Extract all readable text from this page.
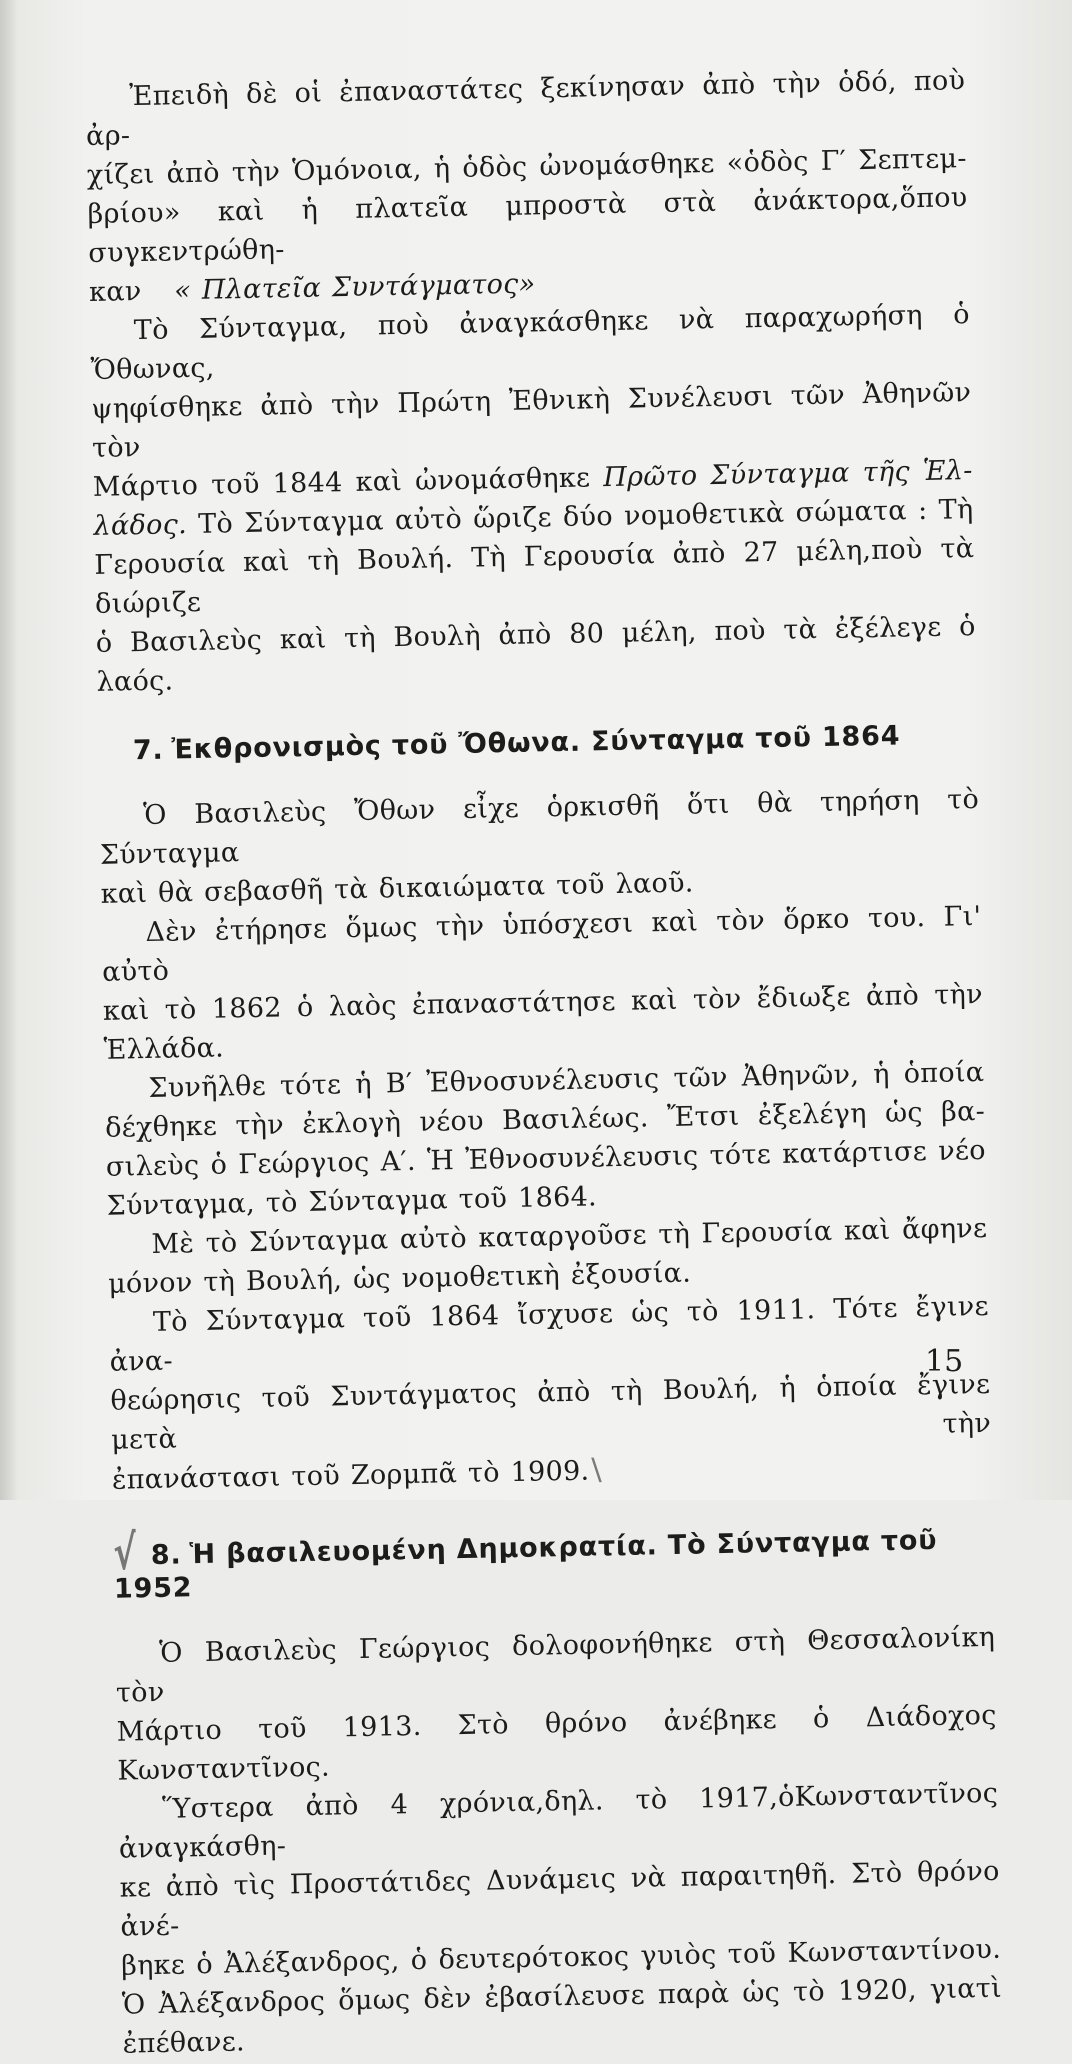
Ἐπειδὴ δὲ οἱ ἐπαναστάτες ξεκίνησαν ἀπὸ τὴν ὁδό, ποὺ ἀρ-
χίζει ἀπὸ τὴν Ὁμόνοια, ἡ ὁδὸς ὠνομάσθηκε «ὁδὸς Γ′ Σεπτεμ-
βρίου» καὶ ἡ πλατεῖα μπροστὰ στὰ ἀνάκτορα,ὅπου συγκεντρώθη-
καν « Πλατεῖα Συντάγματος»

Τὸ Σύνταγμα, ποὺ ἀναγκάσθηκε νὰ παραχωρήση ὁ Ὄθωνας,
ψηφίσθηκε ἀπὸ τὴν Πρώτη Ἐθνικὴ Συνέλευσι τῶν Ἀθηνῶν τὸν
Μάρτιο τοῦ 1844 καὶ ὠνομάσθηκε Πρῶτο Σύνταγμα τῆς Ἑλ-
λάδος. Τὸ Σύνταγμα αὐτὸ ὥριζε δύο νομοθετικὰ σώματα : Τὴ
Γερουσία καὶ τὴ Βουλή. Τὴ Γερουσία ἀπὸ 27 μέλη,ποὺ τὰ διώριζε
ὁ Βασιλεὺς καὶ τὴ Βουλὴ ἀπὸ 80 μέλη, ποὺ τὰ ἐξέλεγε ὁ λαός.

7. Ἐκθρονισμὸς τοῦ Ὄθωνα. Σύνταγμα τοῦ 1864

Ὁ Βασιλεὺς Ὄθων εἶχε ὁρκισθῆ ὅτι θὰ τηρήση τὸ Σύνταγμα
καὶ θὰ σεβασθῆ τὰ δικαιώματα τοῦ λαοῦ.

Δὲν ἐτήρησε ὅμως τὴν ὑπόσχεσι καὶ τὸν ὅρκο του. Γι' αὐτὸ
καὶ τὸ 1862 ὁ λαὸς ἐπαναστάτησε καὶ τὸν ἔδιωξε ἀπὸ τὴν Ἑλλάδα.

Συνῆλθε τότε ἡ Β′ Ἐθνοσυνέλευσις τῶν Ἀθηνῶν, ἡ ὁποία
δέχθηκε τὴν ἐκλογὴ νέου Βασιλέως. Ἔτσι ἐξελέγη ὡς βα-
σιλεὺς ὁ Γεώργιος Α′. Ἡ Ἐθνοσυνέλευσις τότε κατάρτισε νέο
Σύνταγμα, τὸ Σύνταγμα τοῦ 1864.

Μὲ τὸ Σύνταγμα αὐτὸ καταργοῦσε τὴ Γερουσία καὶ ἄφηνε
μόνον τὴ Βουλή, ὡς νομοθετικὴ ἐξουσία.

Τὸ Σύνταγμα τοῦ 1864 ἴσχυσε ὡς τὸ 1911. Τότε ἔγινε ἀνα-
θεώρησις τοῦ Συντάγματος ἀπὸ τὴ Βουλή, ἡ ὁποία ἔγινε μετὰ τὴν
ἐπανάστασι τοῦ Ζορμπᾶ τὸ 1909.\

√ 8. Ἡ βασιλευομένη Δημοκρατία. Τὸ Σύνταγμα τοῦ 1952

Ὁ Βασιλεὺς Γεώργιος δολοφονήθηκε στὴ Θεσσαλονίκη τὸν
Μάρτιο τοῦ 1913. Στὸ θρόνο ἀνέβηκε ὁ Διάδοχος Κωνσταντῖνος.

Ὕστερα ἀπὸ 4 χρόνια,δηλ. τὸ 1917,ὁΚωνσταντῖνος ἀναγκάσθη-
κε ἀπὸ τὶς Προστάτιδες Δυνάμεις νὰ παραιτηθῆ. Στὸ θρόνο ἀνέ-
βηκε ὁ Ἀλέξανδρος, ὁ δευτερότοκος γυιὸς τοῦ Κωνσταντίνου.
Ὁ Ἀλέξανδρος ὅμως δὲν ἐβασίλευσε παρὰ ὡς τὸ 1920, γιατὶ
ἐπέθανε.

15
